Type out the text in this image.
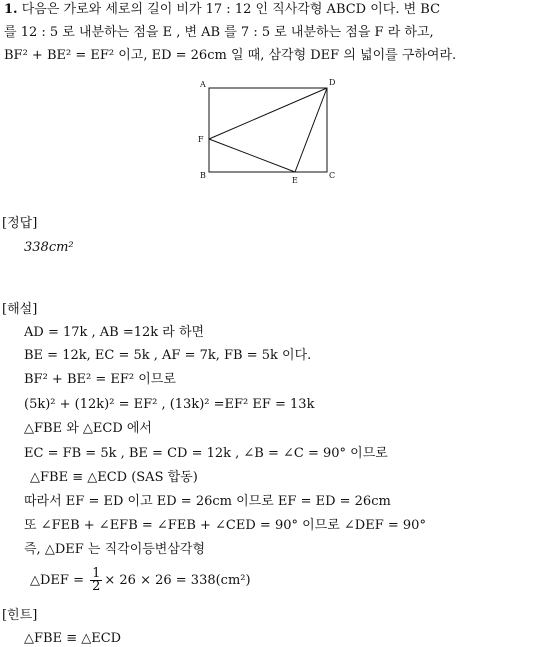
1. 다음은 가로와 세로의 길이 비가 17 : 12 인 직사각형 ABCD 이다. 변 BC
를 12 : 5 로 내분하는 점을 E , 변 AB 를 7 : 5 로 내분하는 점을 F 라 하고,
BF² + BE² = EF² 이고, ED = 26cm 일 때, 삼각형 DEF 의 넓이를 구하여라.
A	D
F
B
E
C
[정답]
338cm²
[해설]
AD = 17k , AB =12k 라 하면
BE = 12k, EC = 5k , AF = 7k, FB = 5k 이다.
BF² + BE² = EF² 이므로
(5k)² + (12k)² = EF² , (13k)² =EF² EF = 13k
△FBE 와 △ECD 에서
EC = FB = 5k , BE = CD = 12k , ∠B = ∠C = 90° 이므로
△FBE ≡ △ECD (SAS 합동)
따라서 EF = ED 이고 ED = 26cm 이므로 EF = ED = 26cm
또 ∠FEB + ∠EFB = ∠FEB + ∠CED = 90° 이므로 ∠DEF = 90°
즉, △DEF 는 직각이등변삼각형
△DEF = $\frac{1}{2} \times 26 \times 26 = 338(cm^2)$
[힌트]
△FBE ≡ △ECD
